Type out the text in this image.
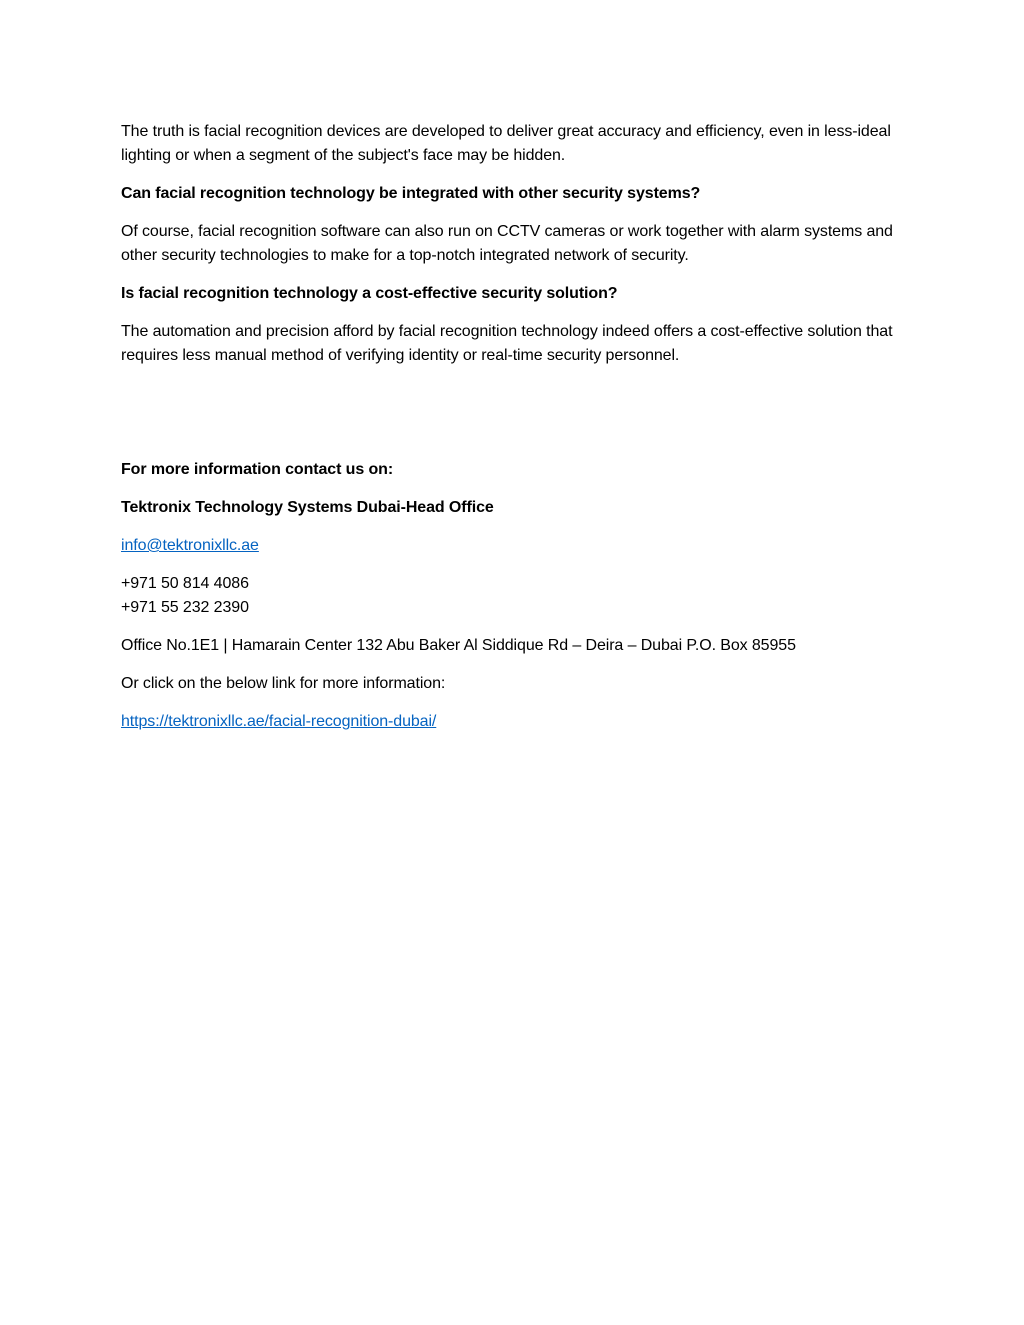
The truth is facial recognition devices are developed to deliver great accuracy and efficiency, even in less-ideal lighting or when a segment of the subject's face may be hidden.

Can facial recognition technology be integrated with other security systems?

Of course, facial recognition software can also run on CCTV cameras or work together with alarm systems and other security technologies to make for a top-notch integrated network of security.

Is facial recognition technology a cost-effective security solution?

The automation and precision afford by facial recognition technology indeed offers a cost-effective solution that requires less manual method of verifying identity or real-time security personnel.

For more information contact us on:

Tektronix Technology Systems Dubai-Head Office

info@tektronixllc.ae

+971 50 814 4086
+971 55 232 2390

Office No.1E1 | Hamarain Center 132 Abu Baker Al Siddique Rd – Deira – Dubai P.O. Box 85955

Or click on the below link for more information:

https://tektronixllc.ae/facial-recognition-dubai/
